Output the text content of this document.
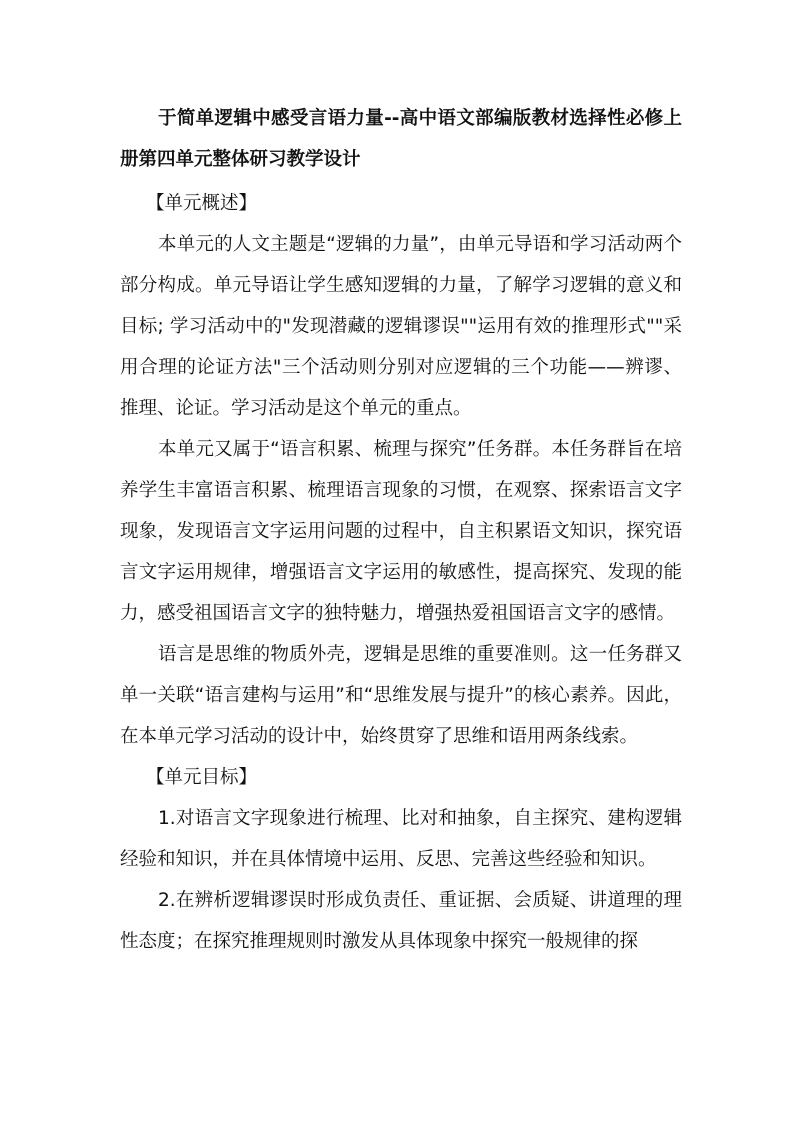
于简单逻辑中感受言语力量--高中语文部编版教材选择性必修上册第四单元整体研习教学设计

【单元概述】

本单元的人文主题是“逻辑的力量”，由单元导语和学习活动两个部分构成。单元导语让学生感知逻辑的力量，了解学习逻辑的意义和目标; 学习活动中的"发现潜藏的逻辑谬误""运用有效的推理形式""采用合理的论证方法"三个活动则分别对应逻辑的三个功能——辨谬、推理、论证。学习活动是这个单元的重点。

本单元又属于“语言积累、梳理与探究”任务群。本任务群旨在培养学生丰富语言积累、梳理语言现象的习惯，在观察、探索语言文字现象，发现语言文字运用问题的过程中，自主积累语文知识，探究语言文字运用规律，增强语言文字运用的敏感性，提高探究、发现的能力，感受祖国语言文字的独特魅力，增强热爱祖国语言文字的感情。

语言是思维的物质外壳，逻辑是思维的重要准则。这一任务群又单一关联“语言建构与运用”和“思维发展与提升”的核心素养。因此，在本单元学习活动的设计中，始终贯穿了思维和语用两条线索。

【单元目标】

1.对语言文字现象进行梳理、比对和抽象，自主探究、建构逻辑经验和知识，并在具体情境中运用、反思、完善这些经验和知识。

2.在辨析逻辑谬误时形成负责任、重证据、会质疑、讲道理的理性态度；在探究推理规则时激发从具体现象中探究一般规律的探
